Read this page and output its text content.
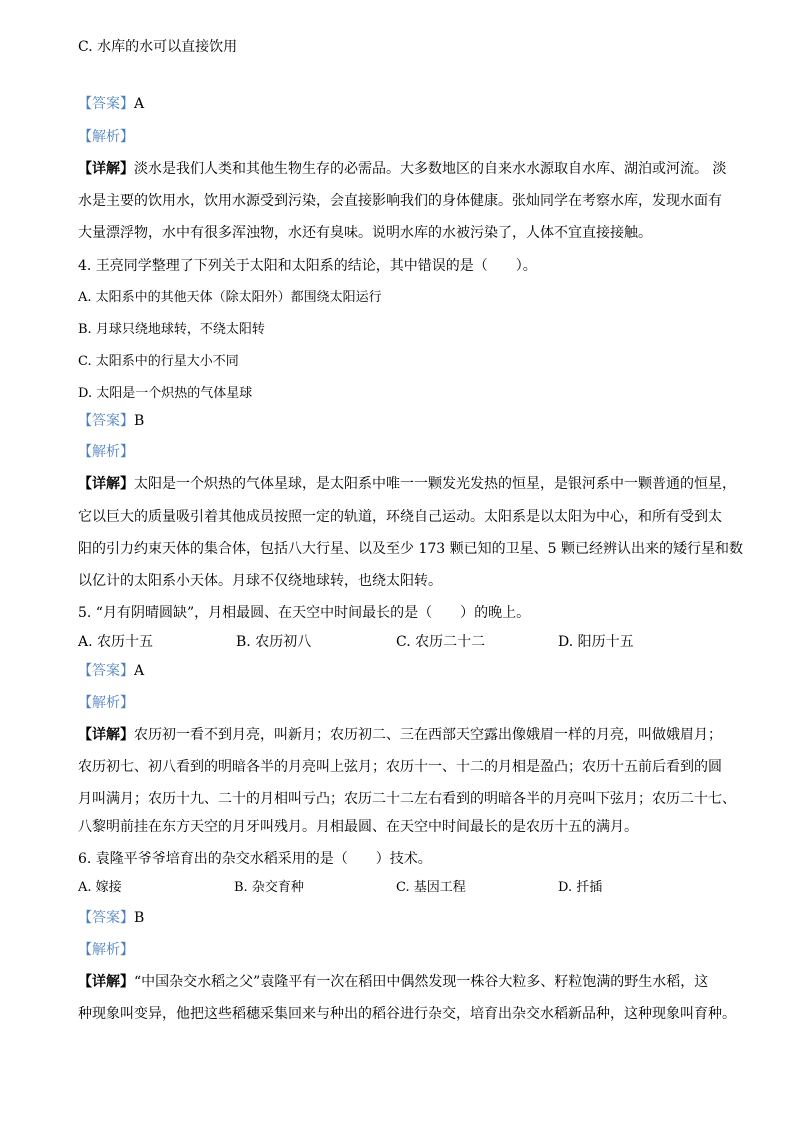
C. 水库的水可以直接饮用
【答案】A
【解析】
【详解】淡水是我们人类和其他生物生存的必需品。大多数地区的自来水水源取自水库、湖泊或河流。 淡
水是主要的饮用水，饮用水源受到污染，会直接影响我们的身体健康。张灿同学在考察水库，发现水面有
大量漂浮物，水中有很多浑浊物，水还有臭味。说明水库的水被污染了，人体不宜直接接触。
4. 王亮同学整理了下列关于太阳和太阳系的结论，其中错误的是（　　）。
A. 太阳系中的其他天体（除太阳外）都围绕太阳运行
B. 月球只绕地球转，不绕太阳转
C. 太阳系中的行星大小不同
D. 太阳是一个炽热的气体星球
【答案】B
【解析】
【详解】太阳是一个炽热的气体星球，是太阳系中唯一一颗发光发热的恒星，是银河系中一颗普通的恒星，
它以巨大的质量吸引着其他成员按照一定的轨道，环绕自己运动。太阳系是以太阳为中心，和所有受到太
阳的引力约束天体的集合体，包括八大行星、以及至少 173 颗已知的卫星、5 颗已经辨认出来的矮行星和数
以亿计的太阳系小天体。月球不仅绕地球转，也绕太阳转。
5. “月有阴晴圆缺”，月相最圆、在天空中时间最长的是（　　）的晚上。
A. 农历十五	B. 农历初八	C. 农历二十二	D. 阳历十五
【答案】A
【解析】
【详解】农历初一看不到月亮，叫新月；农历初二、三在西部天空露出像娥眉一样的月亮，叫做娥眉月；
农历初七、初八看到的明暗各半的月亮叫上弦月；农历十一、十二的月相是盈凸；农历十五前后看到的圆
月叫满月；农历十九、二十的月相叫亏凸；农历二十二左右看到的明暗各半的月亮叫下弦月；农历二十七、
八黎明前挂在东方天空的月牙叫残月。月相最圆、在天空中时间最长的是农历十五的满月。
6. 袁隆平爷爷培育出的杂交水稻采用的是（　　）技术。
A. 嫁接	B. 杂交育种	C. 基因工程	D. 扦插
【答案】B
【解析】
【详解】“中国杂交水稻之父”袁隆平有一次在稻田中偶然发现一株谷大粒多、籽粒饱满的野生水稻，这
种现象叫变异，他把这些稻穗采集回来与种出的稻谷进行杂交，培育出杂交水稻新品种，这种现象叫育种。
